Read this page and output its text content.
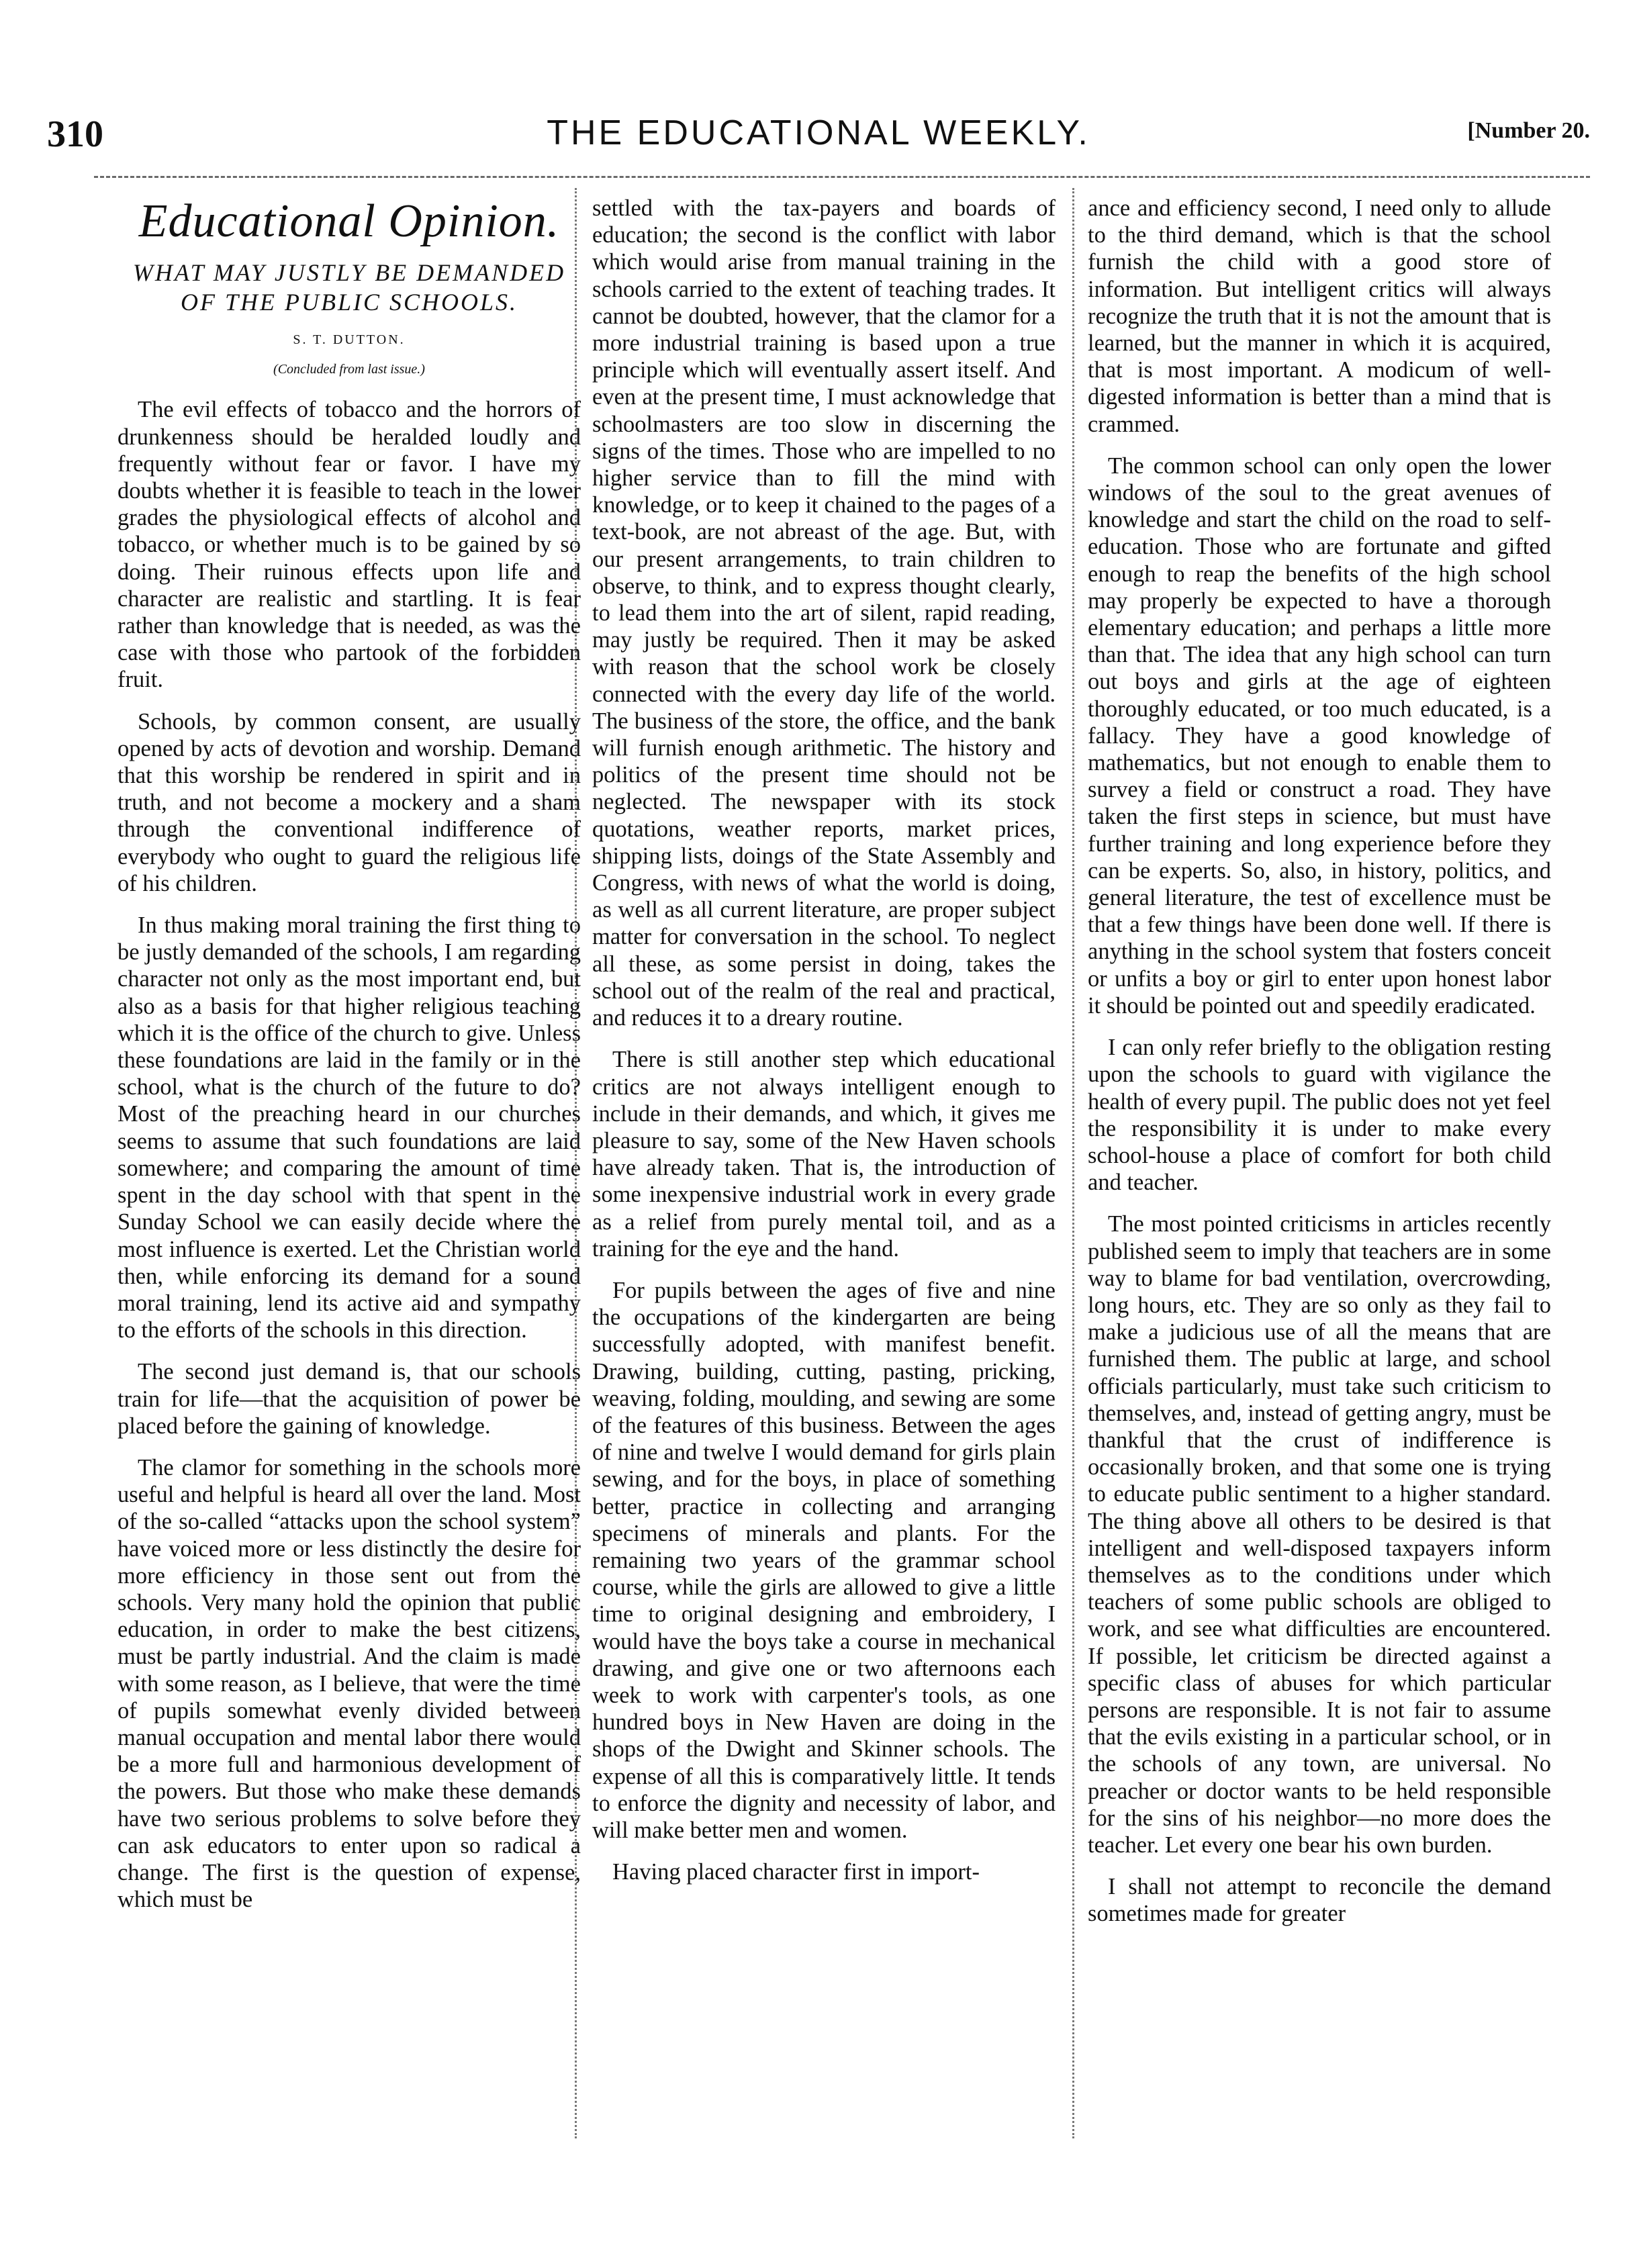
310	THE EDUCATIONAL WEEKLY.	[Number 20.
Educational Opinion.
WHAT MAY JUSTLY BE DEMANDED OF THE PUBLIC SCHOOLS.
S. T. DUTTON.
(Concluded from last issue.)

The evil effects of tobacco and the horrors of drunkenness should be heralded loudly and frequently without fear or favor. I have my doubts whether it is feasible to teach in the lower grades the physiological effects of alcohol and tobacco, or whether much is to be gained by so doing. Their ruinous effects upon life and character are realistic and startling. It is fear rather than knowledge that is needed, as was the case with those who partook of the forbidden fruit.

Schools, by common consent, are usually opened by acts of devotion and worship. Demand that this worship be rendered in spirit and in truth, and not become a mockery and a sham through the conventional indifference of everybody who ought to guard the religious life of his children.

In thus making moral training the first thing to be justly demanded of the schools, I am regarding character not only as the most important end, but also as a basis for that higher religious teaching which it is the office of the church to give. Unless these foundations are laid in the family or in the school, what is the church of the future to do? Most of the preaching heard in our churches seems to assume that such foundations are laid somewhere; and comparing the amount of time spent in the day school with that spent in the Sunday School we can easily decide where the most influence is exerted. Let the Christian world then, while enforcing its demand for a sound moral training, lend its active aid and sympathy to the efforts of the schools in this direction.

The second just demand is, that our schools train for life—that the acquisition of power be placed before the gaining of knowledge.

The clamor for something in the schools more useful and helpful is heard all over the land. Most of the so-called “attacks upon the school system” have voiced more or less distinctly the desire for more efficiency in those sent out from the schools. Very many hold the opinion that public education, in order to make the best citizens, must be partly industrial. And the claim is made with some reason, as I believe, that were the time of pupils somewhat evenly divided between manual occupation and mental labor there would be a more full and harmonious development of the powers. But those who make these demands have two serious problems to solve before they can ask educators to enter upon so radical a change. The first is the question of expense, which must be

settled with the tax-payers and boards of education; the second is the conflict with labor which would arise from manual training in the schools carried to the extent of teaching trades. It cannot be doubted, however, that the clamor for a more industrial training is based upon a true principle which will eventually assert itself. And even at the present time, I must acknowledge that schoolmasters are too slow in discerning the signs of the times. Those who are impelled to no higher service than to fill the mind with knowledge, or to keep it chained to the pages of a text-book, are not abreast of the age. But, with our present arrangements, to train children to observe, to think, and to express thought clearly, to lead them into the art of silent, rapid reading, may justly be required. Then it may be asked with reason that the school work be closely connected with the every day life of the world. The business of the store, the office, and the bank will furnish enough arithmetic. The history and politics of the present time should not be neglected. The newspaper with its stock quotations, weather reports, market prices, shipping lists, doings of the State Assembly and Congress, with news of what the world is doing, as well as all current literature, are proper subject matter for conversation in the school. To neglect all these, as some persist in doing, takes the school out of the realm of the real and practical, and reduces it to a dreary routine.

There is still another step which educational critics are not always intelligent enough to include in their demands, and which, it gives me pleasure to say, some of the New Haven schools have already taken. That is, the introduction of some inexpensive industrial work in every grade as a relief from purely mental toil, and as a training for the eye and the hand.

For pupils between the ages of five and nine the occupations of the kindergarten are being successfully adopted, with manifest benefit. Drawing, building, cutting, pasting, pricking, weaving, folding, moulding, and sewing are some of the features of this business. Between the ages of nine and twelve I would demand for girls plain sewing, and for the boys, in place of something better, practice in collecting and arranging specimens of minerals and plants. For the remaining two years of the grammar school course, while the girls are allowed to give a little time to original designing and embroidery, I would have the boys take a course in mechanical drawing, and give one or two afternoons each week to work with carpenter's tools, as one hundred boys in New Haven are doing in the shops of the Dwight and Skinner schools. The expense of all this is comparatively little. It tends to enforce the dignity and necessity of labor, and will make better men and women.

Having placed character first in import-

ance and efficiency second, I need only to allude to the third demand, which is that the school furnish the child with a good store of information. But intelligent critics will always recognize the truth that it is not the amount that is learned, but the manner in which it is acquired, that is most important. A modicum of well-digested information is better than a mind that is crammed.

The common school can only open the lower windows of the soul to the great avenues of knowledge and start the child on the road to self-education. Those who are fortunate and gifted enough to reap the benefits of the high school may properly be expected to have a thorough elementary education; and perhaps a little more than that. The idea that any high school can turn out boys and girls at the age of eighteen thoroughly educated, or too much educated, is a fallacy. They have a good knowledge of mathematics, but not enough to enable them to survey a field or construct a road. They have taken the first steps in science, but must have further training and long experience before they can be experts. So, also, in history, politics, and general literature, the test of excellence must be that a few things have been done well. If there is anything in the school system that fosters conceit or unfits a boy or girl to enter upon honest labor it should be pointed out and speedily eradicated.

I can only refer briefly to the obligation resting upon the schools to guard with vigilance the health of every pupil. The public does not yet feel the responsibility it is under to make every school-house a place of comfort for both child and teacher.

The most pointed criticisms in articles recently published seem to imply that teachers are in some way to blame for bad ventilation, overcrowding, long hours, etc. They are so only as they fail to make a judicious use of all the means that are furnished them. The public at large, and school officials particularly, must take such criticism to themselves, and, instead of getting angry, must be thankful that the crust of indifference is occasionally broken, and that some one is trying to educate public sentiment to a higher standard. The thing above all others to be desired is that intelligent and well-disposed taxpayers inform themselves as to the conditions under which teachers of some public schools are obliged to work, and see what difficulties are encountered. If possible, let criticism be directed against a specific class of abuses for which particular persons are responsible. It is not fair to assume that the evils existing in a particular school, or in the schools of any town, are universal. No preacher or doctor wants to be held responsible for the sins of his neighbor—no more does the teacher. Let every one bear his own burden.

I shall not attempt to reconcile the demand sometimes made for greater
